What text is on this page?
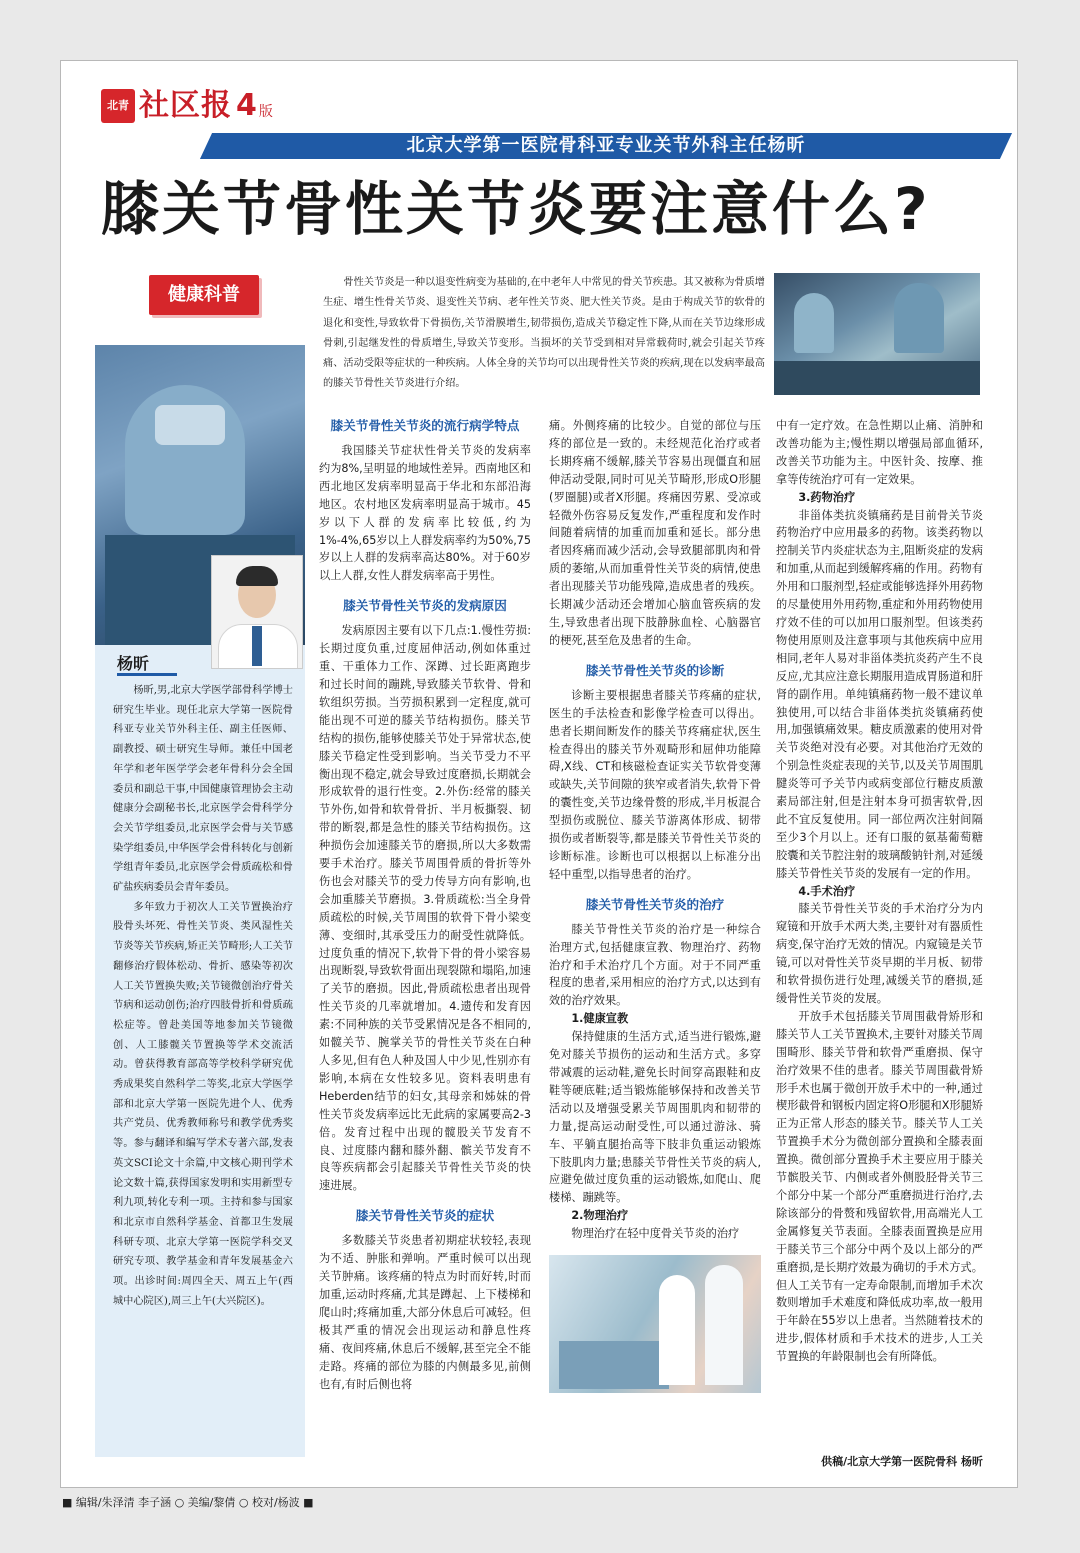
北青 社区报 4 版
北京大学第一医院骨科亚专业关节外科主任杨昕
膝关节骨性关节炎要注意什么?
健康科普
杨昕

杨昕,男,北京大学医学部骨科学博士研究生毕业。现任北京大学第一医院骨科亚专业关节外科主任、副主任医师、副教授、硕士研究生导师。兼任中国老年学和老年医学学会老年骨科分会全国委员和副总干事,中国健康管理协会主动健康分会副秘书长,北京医学会骨科学分会关节学组委员,北京医学会骨与关节感染学组委员,中华医学会骨科转化与创新学组青年委员,北京医学会骨质疏松和骨矿盐疾病委员会青年委员。

多年致力于初次人工关节置换治疗股骨头坏死、骨性关节炎、类风湿性关节炎等关节疾病,矫正关节畸形;人工关节翻修治疗假体松动、骨折、感染等初次人工关节置换失败;关节镜微创治疗骨关节病和运动创伤;治疗四肢骨折和骨质疏松症等。曾赴美国等地参加关节镜微创、人工膝髋关节置换等学术交流活动。曾获得教育部高等学校科学研究优秀成果奖自然科学二等奖,北京大学医学部和北京大学第一医院先进个人、优秀共产党员、优秀教师称号和教学优秀奖等。参与翻译和编写学术专著六部,发表英文SCI论文十余篇,中文核心期刊学术论文数十篇,获得国家发明和实用新型专利九项,转化专利一项。主持和参与国家和北京市自然科学基金、首都卫生发展科研专项、北京大学第一医院学科交叉研究专项、教学基金和青年发展基金六项。出诊时间:周四全天、周五上午(西城中心院区),周三上午(大兴院区)。

骨性关节炎是一种以退变性病变为基础的,在中老年人中常见的骨关节疾患。其又被称为骨质增生症、增生性骨关节炎、退变性关节病、老年性关节炎、肥大性关节炎。是由于构成关节的软骨的退化和变性,导致软骨下骨损伤,关节滑膜增生,韧带损伤,造成关节稳定性下降,从而在关节边缘形成骨刺,引起继发性的骨质增生,导致关节变形。当损坏的关节受到相对异常载荷时,就会引起关节疼痛、活动受限等症状的一种疾病。人体全身的关节均可以出现骨性关节炎的疾病,现在以发病率最高的膝关节骨性关节炎进行介绍。
膝关节骨性关节炎的流行病学特点

我国膝关节症状性骨关节炎的发病率约为8%,呈明显的地域性差异。西南地区和西北地区发病率明显高于华北和东部沿海地区。农村地区发病率明显高于城市。45岁以下人群的发病率比较低,约为1%-4%,65岁以上人群发病率约为50%,75岁以上人群的发病率高达80%。对于60岁以上人群,女性人群发病率高于男性。

膝关节骨性关节炎的发病原因

发病原因主要有以下几点:1.慢性劳损:长期过度负重,过度屈伸活动,例如体重过重、干重体力工作、深蹲、过长距离跑步和过长时间的蹦跳,导致膝关节软骨、骨和软组织劳损。当劳损积累到一定程度,就可能出现不可逆的膝关节结构损伤。膝关节结构的损伤,能够使膝关节处于异常状态,使膝关节稳定性受到影响。当关节受力不平衡出现不稳定,就会导致过度磨损,长期就会形成软骨的退行性变。2.外伤:经常的膝关节外伤,如骨和软骨骨折、半月板撕裂、韧带的断裂,都是急性的膝关节结构损伤。这种损伤会加速膝关节的磨损,所以大多数需要手术治疗。膝关节周围骨质的骨折等外伤也会对膝关节的受力传导方向有影响,也会加重膝关节磨损。3.骨质疏松:当全身骨质疏松的时候,关节周围的软骨下骨小梁变薄、变细时,其承受压力的耐受性就降低。过度负重的情况下,软骨下骨的骨小梁容易出现断裂,导致软骨面出现裂隙和塌陷,加速了关节的磨损。因此,骨质疏松患者出现骨性关节炎的几率就增加。4.遗传和发育因素:不同种族的关节受累情况是各不相同的,如髋关节、腕掌关节的骨性关节炎在白种人多见,但有色人种及国人中少见,性别亦有影响,本病在女性较多见。资料表明患有Heberden结节的妇女,其母亲和姊妹的骨性关节炎发病率远比无此病的家属要高2-3倍。发育过程中出现的髋股关节发育不良、过度膝内翻和膝外翻、髌关节发育不良等疾病都会引起膝关节骨性关节炎的快速进展。

膝关节骨性关节炎的症状

多数膝关节炎患者初期症状较轻,表现为不适、肿胀和弹响。严重时候可以出现关节肿痛。该疼痛的特点为时而好转,时而加重,运动时疼痛,尤其是蹲起、上下楼梯和爬山时;疼痛加重,大部分休息后可减轻。但极其严重的情况会出现运动和静息性疼痛、夜间疼痛,休息后不缓解,甚至完全不能走路。疼痛的部位为膝的内侧最多见,前侧也有,有时后侧也将

痛。外侧疼痛的比较少。自觉的部位与压疼的部位是一致的。未经规范化治疗或者长期疼痛不缓解,膝关节容易出现僵直和屈伸活动受限,同时可见关节畸形,形成O形腿(罗圈腿)或者X形腿。疼痛因劳累、受凉或轻微外伤容易反复发作,严重程度和发作时间随着病情的加重而加重和延长。部分患者因疼痛而减少活动,会导致腿部肌肉和骨质的萎缩,从而加重骨性关节炎的病情,使患者出现膝关节功能残障,造成患者的残疾。长期减少活动还会增加心脑血管疾病的发生,导致患者出现下肢静脉血栓、心脑器官的梗死,甚至危及患者的生命。

膝关节骨性关节炎的诊断

诊断主要根据患者膝关节疼痛的症状,医生的手法检查和影像学检查可以得出。患者长期间断发作的膝关节疼痛症状,医生检查得出的膝关节外观畸形和屈伸功能障碍,X线、CT和核磁检查证实关节软骨变薄或缺失,关节间隙的狭窄或者消失,软骨下骨的囊性变,关节边缘骨赘的形成,半月板混合型损伤或脱位、膝关节游离体形成、韧带损伤或者断裂等,都是膝关节骨性关节炎的诊断标准。诊断也可以根据以上标准分出轻中重型,以指导患者的治疗。

膝关节骨性关节炎的治疗

膝关节骨性关节炎的治疗是一种综合治理方式,包括健康宣教、物理治疗、药物治疗和手术治疗几个方面。对于不同严重程度的患者,采用相应的治疗方式,以达到有效的治疗效果。

1.健康宣教

保持健康的生活方式,适当进行锻炼,避免对膝关节损伤的运动和生活方式。多穿带减震的运动鞋,避免长时间穿高跟鞋和皮鞋等硬底鞋;适当锻炼能够保持和改善关节活动以及增强受累关节周围肌肉和韧带的力量,提高运动耐受性,可以通过游泳、骑车、平躺直腿抬高等下肢非负重运动锻炼下肢肌肉力量;患膝关节骨性关节炎的病人,应避免做过度负重的运动锻炼,如爬山、爬楼梯、蹦跳等。

2.物理治疗

物理治疗在轻中度骨关节炎的治疗

中有一定疗效。在急性期以止痛、消肿和改善功能为主;慢性期以增强局部血循环,改善关节功能为主。中医针灸、按摩、推拿等传统治疗可有一定效果。

3.药物治疗

非甾体类抗炎镇痛药是目前骨关节炎药物治疗中应用最多的药物。该类药物以控制关节内炎症状态为主,阻断炎症的发病和加重,从而起到缓解疼痛的作用。药物有外用和口服剂型,轻症或能够选择外用药物的尽量使用外用药物,重症和外用药物使用疗效不佳的可以加用口服剂型。但该类药物使用原则及注意事项与其他疾病中应用相同,老年人易对非甾体类抗炎药产生不良反应,尤其应注意长期服用造成胃肠道和肝肾的副作用。单纯镇痛药物一般不建议单独使用,可以结合非甾体类抗炎镇痛药使用,加强镇痛效果。糖皮质激素的使用对骨关节炎绝对没有必要。对其他治疗无效的个别急性炎症表现的关节,以及关节周围肌腱炎等可予关节内或病变部位行糖皮质激素局部注射,但是注射本身可损害软骨,因此不宜反复使用。同一部位两次注射间隔至少3个月以上。还有口服的氨基葡萄糖胶囊和关节腔注射的玻璃酸钠针剂,对延缓膝关节骨性关节炎的发展有一定的作用。

4.手术治疗

膝关节骨性关节炎的手术治疗分为内窥镜和开放手术两大类,主要针对有器质性病变,保守治疗无效的情况。内窥镜是关节镜,可以对骨性关节炎早期的半月板、韧带和软骨损伤进行处理,减缓关节的磨损,延缓骨性关节炎的发展。

开放手术包括膝关节周围截骨矫形和膝关节人工关节置换术,主要针对膝关节周围畸形、膝关节骨和软骨严重磨损、保守治疗效果不佳的患者。膝关节周围截骨矫形手术也属于微创开放手术中的一种,通过楔形截骨和钢板内固定将O形腿和X形腿矫正为正常人形态的膝关节。膝关节人工关节置换手术分为微创部分置换和全膝表面置换。微创部分置换手术主要应用于膝关节髌股关节、内侧或者外侧股胫骨关节三个部分中某一个部分严重磨损进行治疗,去除该部分的骨赘和残留软骨,用高端光人工金属修复关节表面。全膝表面置换是应用于膝关节三个部分中两个及以上部分的严重磨损,是长期疗效最为确切的手术方式。但人工关节有一定寿命限制,而增加手术次数则增加手术难度和降低成功率,故一般用于年龄在55岁以上患者。当然随着技术的进步,假体材质和手术技术的进步,人工关节置换的年龄限制也会有所降低。

供稿/北京大学第一医院骨科 杨昕
■ 编辑/朱泽清 李子涵 ○ 美编/黎倩 ○ 校对/杨波 ■
